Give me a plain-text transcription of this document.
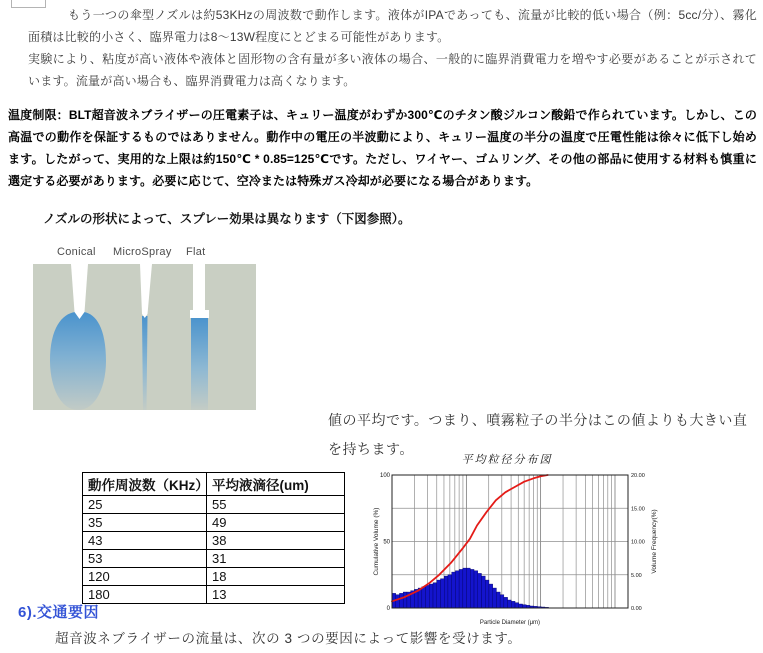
もう一つの傘型ノズルは約53KHzの周波数で動作します。液体がIPAであっても、流量が比較的低い場合（例：5cc/分）、霧化面積は比較的小さく、臨界電力は8～13W程度にとどまる可能性があります。

実験により、粘度が高い液体や液体と固形物の含有量が多い液体の場合、一般的に臨界消費電力を増やす必要があることが示されています。流量が高い場合も、臨界消費電力は高くなります。

温度制限：BLT超音波ネブライザーの圧電素子は、キュリー温度がわずか300℃のチタン酸ジルコン酸鉛で作られています。しかし、この高温での動作を保証するものではありません。動作中の電圧の半波動により、キュリー温度の半分の温度で圧電性能は徐々に低下し始めます。したがって、実用的な上限は約150℃ * 0.85=125℃です。ただし、ワイヤー、ゴムリング、その他の部品に使用する材料も慎重に選定する必要があります。必要に応じて、空冷または特殊ガス冷却が必要になる場合があります。
ノズルの形状によって、スプレー効果は異なります（下図参照）。
Conical MicroSpray Flat

値の平均です。つまり、噴霧粒子の半分はこの値よりも大きい直

を持ちます。

動作周波数（KHz）	平均液滴径(um)
25	55
35	49
43	38
53	31
120	18
180	13
平均粒径分布図
0
50
100
0.00
5.00
10.00
15.00
20.00
Cumulative Volume (%)	Volume Frequency(%)
Particle Diameter (μm)
6).交通要因
超音波ネブライザーの流量は、次の 3 つの要因によって影響を受けます。
